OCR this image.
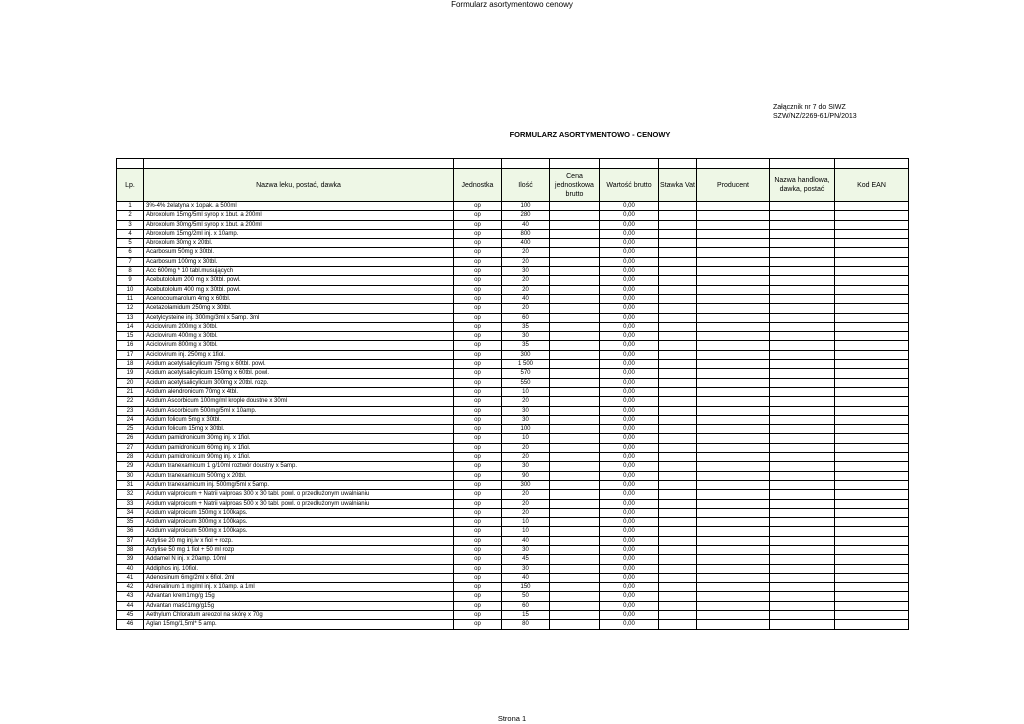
Formularz asortymentowo cenowy
Załącznik nr 7 do SIWZ
SZW/NZ/2269-61/PN/2013
FORMULARZ ASORTYMENTOWO - CENOWY

Lp.	Nazwa leku, postać, dawka	Jednostka	Ilość	Cena jednostkowa brutto	Wartość brutto	Stawka Vat	Producent	Nazwa handlowa, dawka, postać	Kod EAN
1	3%-4% żelatyna x 1opak. a 500ml	op	100		0,00				
2	Abroxolum 15mg/5ml syrop x 1but. a 200ml	op	280		0,00				
3	Abroxolum 30mg/5ml syrop x 1but. a 200ml	op	40		0,00				
4	Abroxolum 15mg/2ml inj. x 10amp.	op	800		0,00				
5	Abroxolum 30mg x 20tbl.	op	400		0,00				
6	Acarbosum 50mg x 30tbl.	op	20		0,00				
7	Acarbosum 100mg x 30tbl.	op	20		0,00				
8	Acc 600mg * 10 tabl.musujących	op	30		0,00				
9	Acebutololum 200 mg x 30tbl. powl.	op	20		0,00				
10	Acebutololum 400 mg x 30tbl. powl.	op	20		0,00				
11	Acenocoumarolum 4mg x 60tbl.	op	40		0,00				
12	Acetazolamidum 250mg x 30tbl.	op	20		0,00				
13	Acetylcysteine inj. 300mg/3ml x 5amp. 3ml	op	60		0,00				
14	Aciclovirum 200mg x 30tbl.	op	35		0,00				
15	Aciclovirum 400mg x 30tbl.	op	30		0,00				
16	Aciclovirum 800mg x 30tbl.	op	35		0,00				
17	Aciclovirum inj. 250mg x 1fiol.	op	300		0,00				
18	Acidum acetylsalicylicum 75mg x 60tbl. powl.	op	1 500		0,00				
19	Acidum acetylsalicylicum 150mg x 60tbl. powl.	op	570		0,00				
20	Acidum acetylsalicylicum 300mg x 20tbl. rozp.	op	550		0,00				
21	Acidum alendronicum 70mg x 4tbl.	op	10		0,00				
22	Acidum Ascorbicum 100mg/ml krople doustne x 30ml	op	20		0,00				
23	Acidum Ascorbicum 500mg/5ml x 10amp.	op	30		0,00				
24	Acidum folicum 5mg x 30tbl.	op	30		0,00				
25	Acidum folicum 15mg x 30tbl.	op	100		0,00				
26	Acidum pamidronicum 30mg inj. x 1fiol.	op	10		0,00				
27	Acidum pamidronicum 60mg inj. x 1fiol.	op	20		0,00				
28	Acidum pamidronicum 90mg inj. x 1fiol.	op	20		0,00				
29	Acidum tranexamicum 1 g/10ml roztwór doustny x 5amp.	op	30		0,00				
30	Acidum tranexamicum 500mg x 20tbl.	op	90		0,00				
31	Acidum tranexamicum inj. 500mg/5ml x 5amp.	op	300		0,00				
32	Acidum valproicum + Natrii valproas 300 x 30 tabl. powl. o przedłużonym uwalnianiu	op	20		0,00				
33	Acidum valproicum + Natrii valproas 500 x 30 tabl. powl. o przedłużonym uwalnianiu	op	20		0,00				
34	Acidum valproicum 150mg x 100kaps.	op	20		0,00				
35	Acidum valproicum 300mg x 100kaps.	op	10		0,00				
36	Acidum valproicum 500mg x 100kaps.	op	10		0,00				
37	Actylise 20 mg inj.iv x fiol + rozp.	op	40		0,00				
38	Actylise 50 mg 1 fiol + 50 ml rozp	op	30		0,00				
39	Addamel N inj. x 20amp. 10ml	op	45		0,00				
40	Addiphos inj. 10fiol.	op	30		0,00				
41	Adenosinum 6mg/2ml x 6fiol. 2ml	op	40		0,00				
42	Adrenalinum 1 mg/ml inj. x 10amp. a 1ml	op	150		0,00				
43	Advantan krem1mg/g 15g	op	50		0,00				
44	Advantan maść1mg/g15g	op	60		0,00				
45	Aethylum Chloratum areozol na skórę x 70g	op	15		0,00				
46	Aglan 15mg/1,5ml* 5 amp.	op	80		0,00				
Strona 1
